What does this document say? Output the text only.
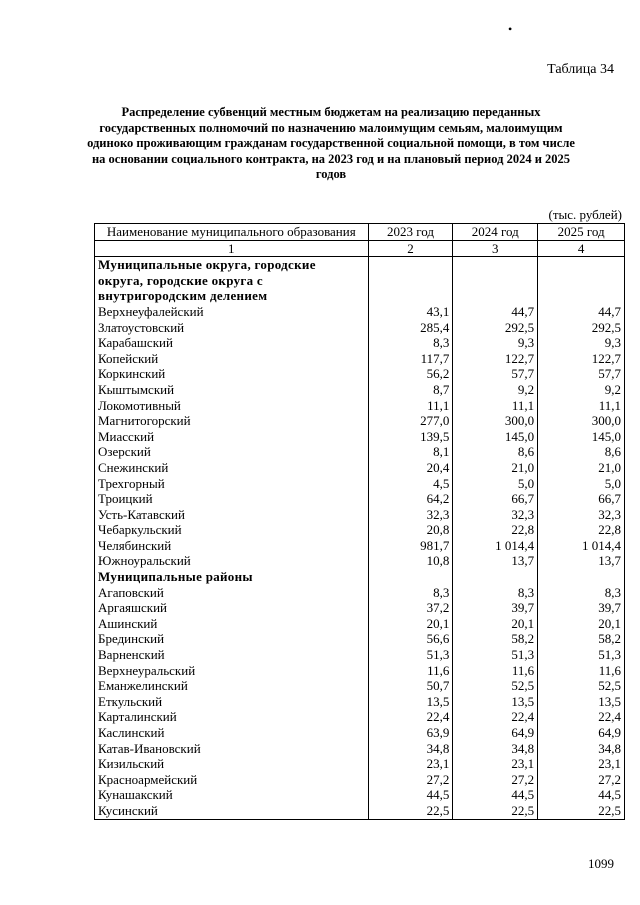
•
Таблица 34
Распределение субвенций местным бюджетам на реализацию переданных государственных полномочий по назначению малоимущим семьям, малоимущим одиноко проживающим гражданам государственной социальной помощи, в том числе на основании социального контракта, на 2023 год и на плановый период 2024 и 2025 годов
(тыс. рублей)
Наименование муниципального образования	2023 год	2024 год	2025 год
1	2	3	4
Муниципальные округа, городские округа, городские округа с внутригородским делением			
Верхнеуфалейский	43,1	44,7	44,7
Златоустовский	285,4	292,5	292,5
Карабашский	8,3	9,3	9,3
Копейский	117,7	122,7	122,7
Коркинский	56,2	57,7	57,7
Кыштымский	8,7	9,2	9,2
Локомотивный	11,1	11,1	11,1
Магнитогорский	277,0	300,0	300,0
Миасский	139,5	145,0	145,0
Озерский	8,1	8,6	8,6
Снежинский	20,4	21,0	21,0
Трехгорный	4,5	5,0	5,0
Троицкий	64,2	66,7	66,7
Усть-Катавский	32,3	32,3	32,3
Чебаркульский	20,8	22,8	22,8
Челябинский	981,7	1 014,4	1 014,4
Южноуральский	10,8	13,7	13,7
Муниципальные районы			
Агаповский	8,3	8,3	8,3
Аргаяшский	37,2	39,7	39,7
Ашинский	20,1	20,1	20,1
Брединский	56,6	58,2	58,2
Варненский	51,3	51,3	51,3
Верхнеуральский	11,6	11,6	11,6
Еманжелинский	50,7	52,5	52,5
Еткульский	13,5	13,5	13,5
Карталинский	22,4	22,4	22,4
Каслинский	63,9	64,9	64,9
Катав-Ивановский	34,8	34,8	34,8
Кизильский	23,1	23,1	23,1
Красноармейский	27,2	27,2	27,2
Кунашакский	44,5	44,5	44,5
Кусинский	22,5	22,5	22,5
1099
